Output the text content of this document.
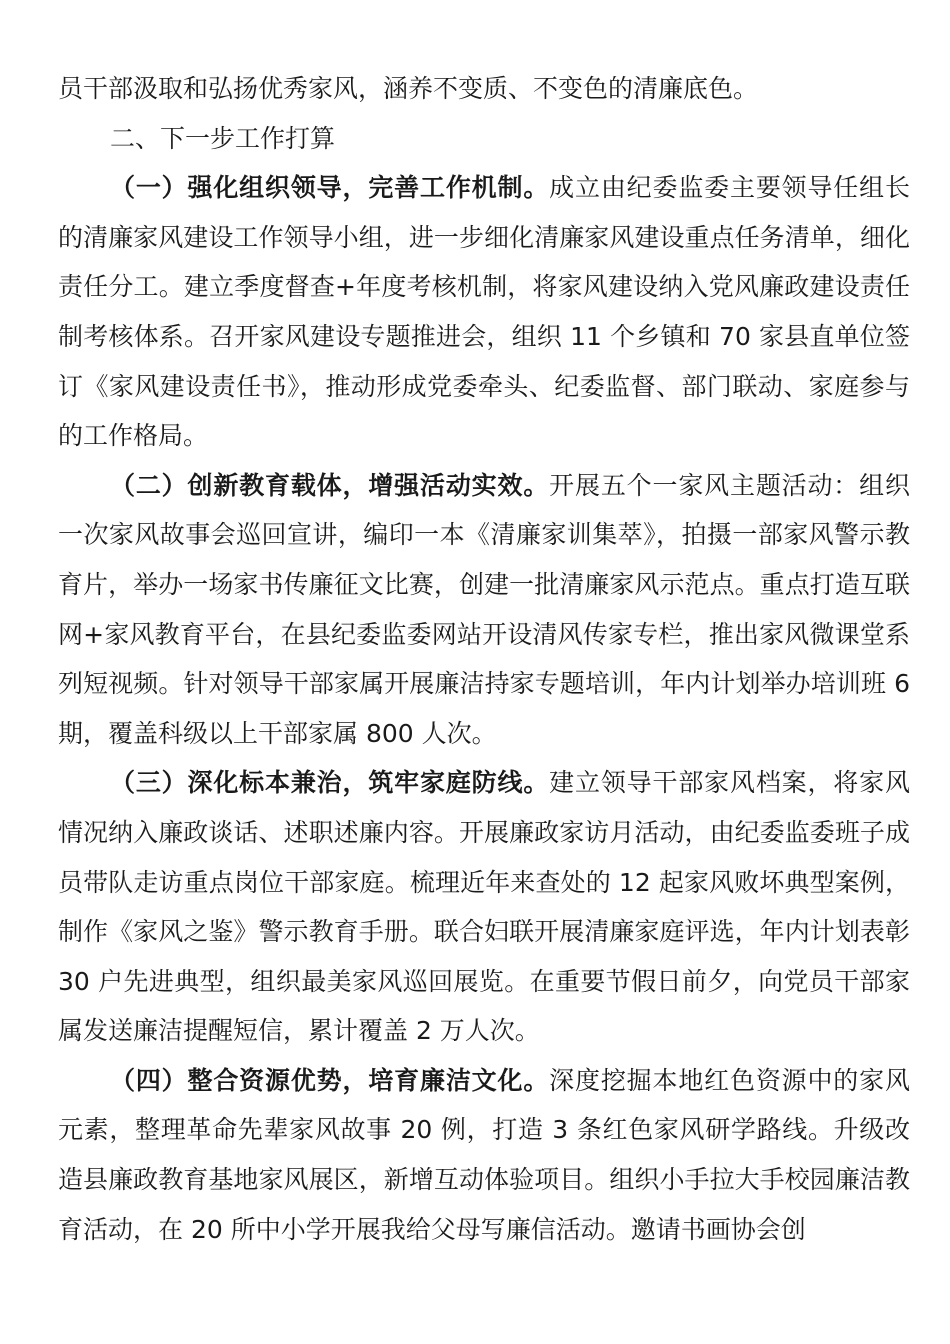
员干部汲取和弘扬优秀家风，涵养不变质、不变色的清廉底色。

二、下一步工作打算

（一）强化组织领导，完善工作机制。成立由纪委监委主要领导任组长的清廉家风建设工作领导小组，进一步细化清廉家风建设重点任务清单，细化责任分工。建立季度督查+年度考核机制，将家风建设纳入党风廉政建设责任制考核体系。召开家风建设专题推进会，组织 11 个乡镇和 70 家县直单位签订《家风建设责任书》，推动形成党委牵头、纪委监督、部门联动、家庭参与的工作格局。

（二）创新教育载体，增强活动实效。开展五个一家风主题活动：组织一次家风故事会巡回宣讲，编印一本《清廉家训集萃》，拍摄一部家风警示教育片，举办一场家书传廉征文比赛，创建一批清廉家风示范点。重点打造互联网+家风教育平台，在县纪委监委网站开设清风传家专栏，推出家风微课堂系列短视频。针对领导干部家属开展廉洁持家专题培训，年内计划举办培训班 6 期，覆盖科级以上干部家属 800 人次。

（三）深化标本兼治，筑牢家庭防线。建立领导干部家风档案，将家风情况纳入廉政谈话、述职述廉内容。开展廉政家访月活动，由纪委监委班子成员带队走访重点岗位干部家庭。梳理近年来查处的 12 起家风败坏典型案例，制作《家风之鉴》警示教育手册。联合妇联开展清廉家庭评选，年内计划表彰 30 户先进典型，组织最美家风巡回展览。在重要节假日前夕，向党员干部家属发送廉洁提醒短信，累计覆盖 2 万人次。

（四）整合资源优势，培育廉洁文化。深度挖掘本地红色资源中的家风元素，整理革命先辈家风故事 20 例，打造 3 条红色家风研学路线。升级改造县廉政教育基地家风展区，新增互动体验项目。组织小手拉大手校园廉洁教育活动，在 20 所中小学开展我给父母写廉信活动。邀请书画协会创
